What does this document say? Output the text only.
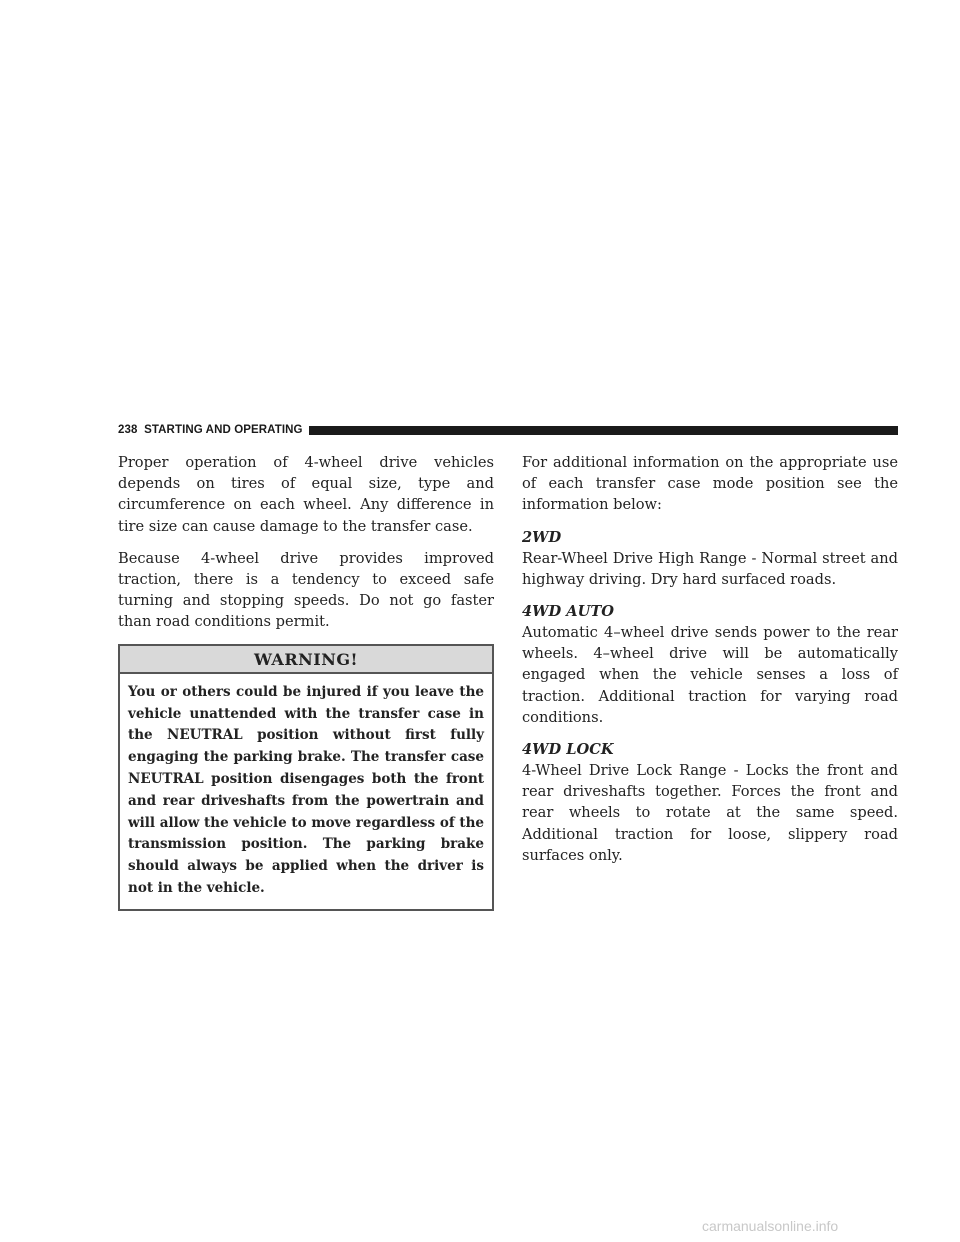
238 STARTING AND OPERATING

Proper operation of 4-wheel drive vehicles depends on tires of equal size, type and circumference on each wheel. Any difference in tire size can cause damage to the transfer case.

Because 4-wheel drive provides improved traction, there is a tendency to exceed safe turning and stopping speeds. Do not go faster than road conditions permit.

WARNING!
You or others could be injured if you leave the vehicle unattended with the transfer case in the NEUTRAL position without first fully engaging the parking brake. The transfer case NEUTRAL position disengages both the front and rear driveshafts from the powertrain and will allow the vehicle to move regardless of the transmission position. The parking brake should always be applied when the driver is not in the vehicle.

For additional information on the appropriate use of each transfer case mode position see the information below:

2WD

Rear-Wheel Drive High Range - Normal street and highway driving. Dry hard surfaced roads.

4WD AUTO

Automatic 4–wheel drive sends power to the rear wheels. 4–wheel drive will be automatically engaged when the vehicle senses a loss of traction. Additional traction for varying road conditions.

4WD LOCK

4-Wheel Drive Lock Range - Locks the front and rear driveshafts together. Forces the front and rear wheels to rotate at the same speed. Additional traction for loose, slippery road surfaces only.

carmanualsonline.info
